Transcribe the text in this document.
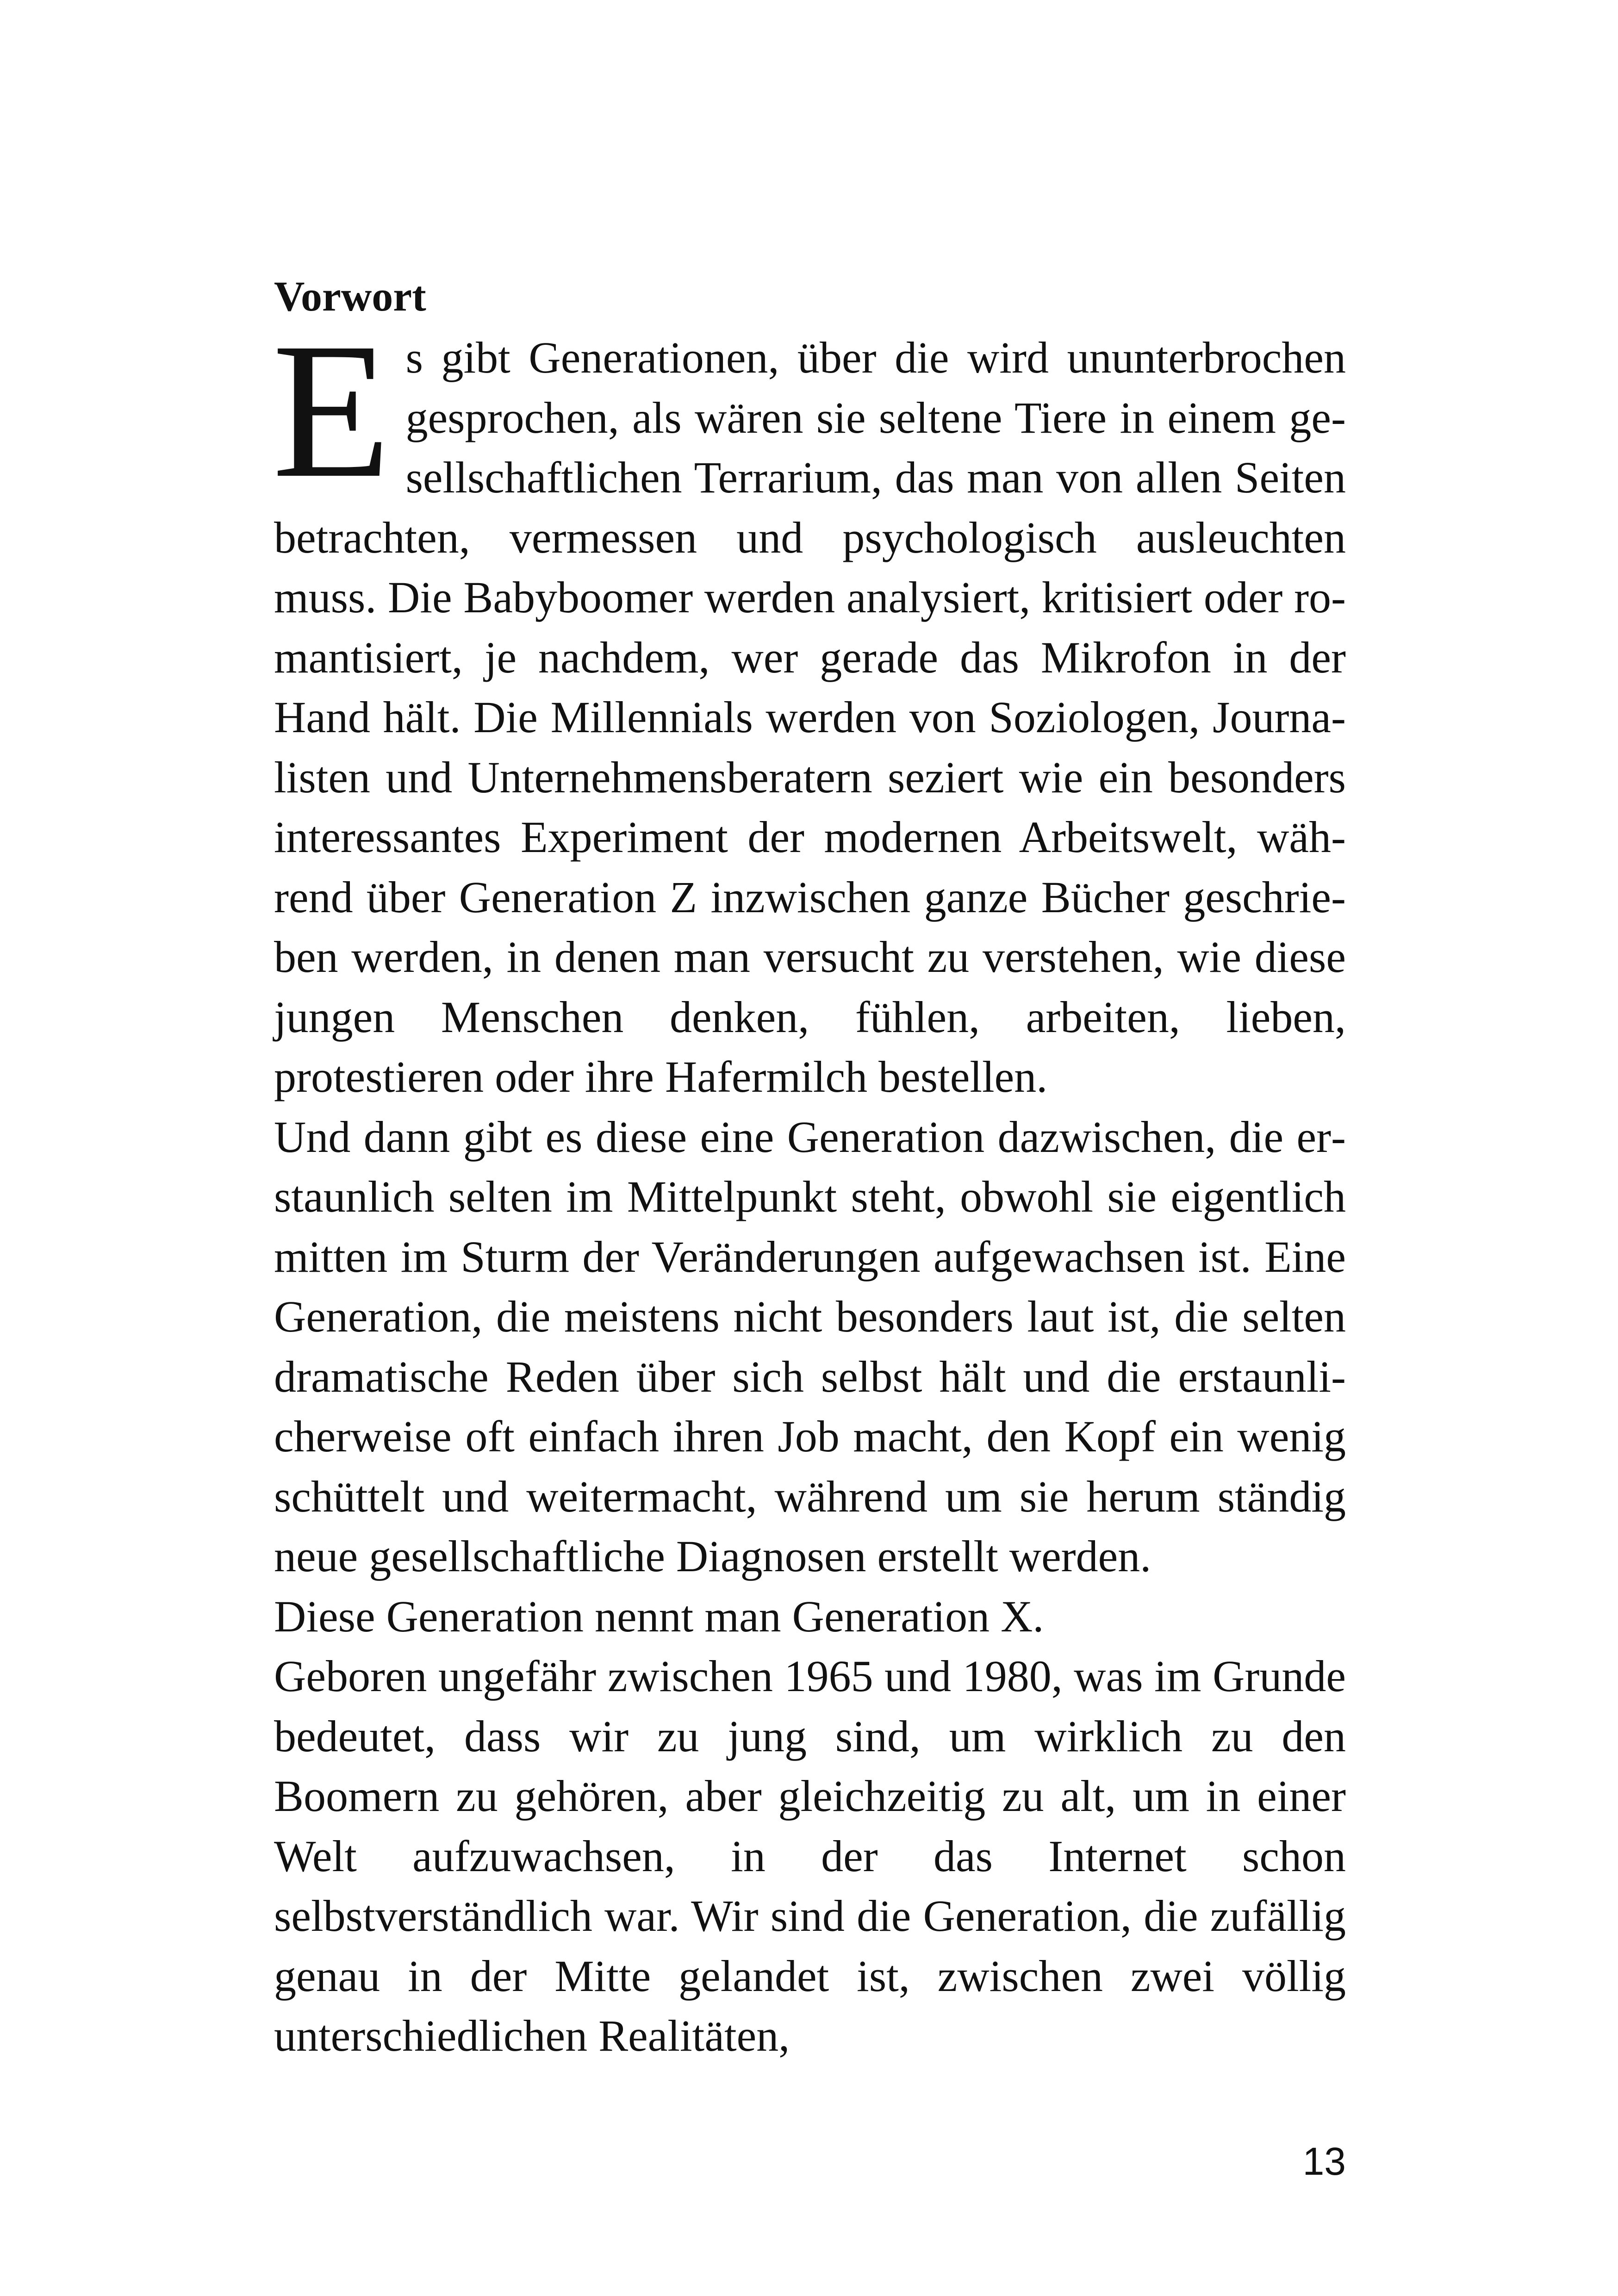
Vorwort

Es gibt Generationen, über die wird ununterbrochen gesprochen, als wären sie seltene Tiere in einem gesellschaftlichen Terrarium, das man von allen Seiten betrachten, vermessen und psychologisch ausleuchten muss. Die Babyboomer werden analysiert, kritisiert oder romantisiert, je nachdem, wer gerade das Mikrofon in der Hand hält. Die Millennials werden von Soziologen, Journalisten und Unternehmensberatern seziert wie ein besonders interessantes Experiment der modernen Arbeitswelt, während über Generation Z inzwischen ganze Bücher geschrieben werden, in denen man versucht zu verstehen, wie diese jungen Menschen denken, fühlen, arbeiten, lieben, protestieren oder ihre Hafermilch bestellen.

Und dann gibt es diese eine Generation dazwischen, die erstaunlich selten im Mittelpunkt steht, obwohl sie eigentlich mitten im Sturm der Veränderungen aufgewachsen ist. Eine Generation, die meistens nicht besonders laut ist, die selten dramatische Reden über sich selbst hält und die erstaunlicherweise oft einfach ihren Job macht, den Kopf ein wenig schüttelt und weitermacht, während um sie herum ständig neue gesellschaftliche Diagnosen erstellt werden.

Diese Generation nennt man Generation X.

Geboren ungefähr zwischen 1965 und 1980, was im Grunde bedeutet, dass wir zu jung sind, um wirklich zu den Boomern zu gehören, aber gleichzeitig zu alt, um in einer Welt aufzuwachsen, in der das Internet schon selbstverständlich war. Wir sind die Generation, die zufällig genau in der Mitte gelandet ist, zwischen zwei völlig unterschiedlichen Realitäten,

13
